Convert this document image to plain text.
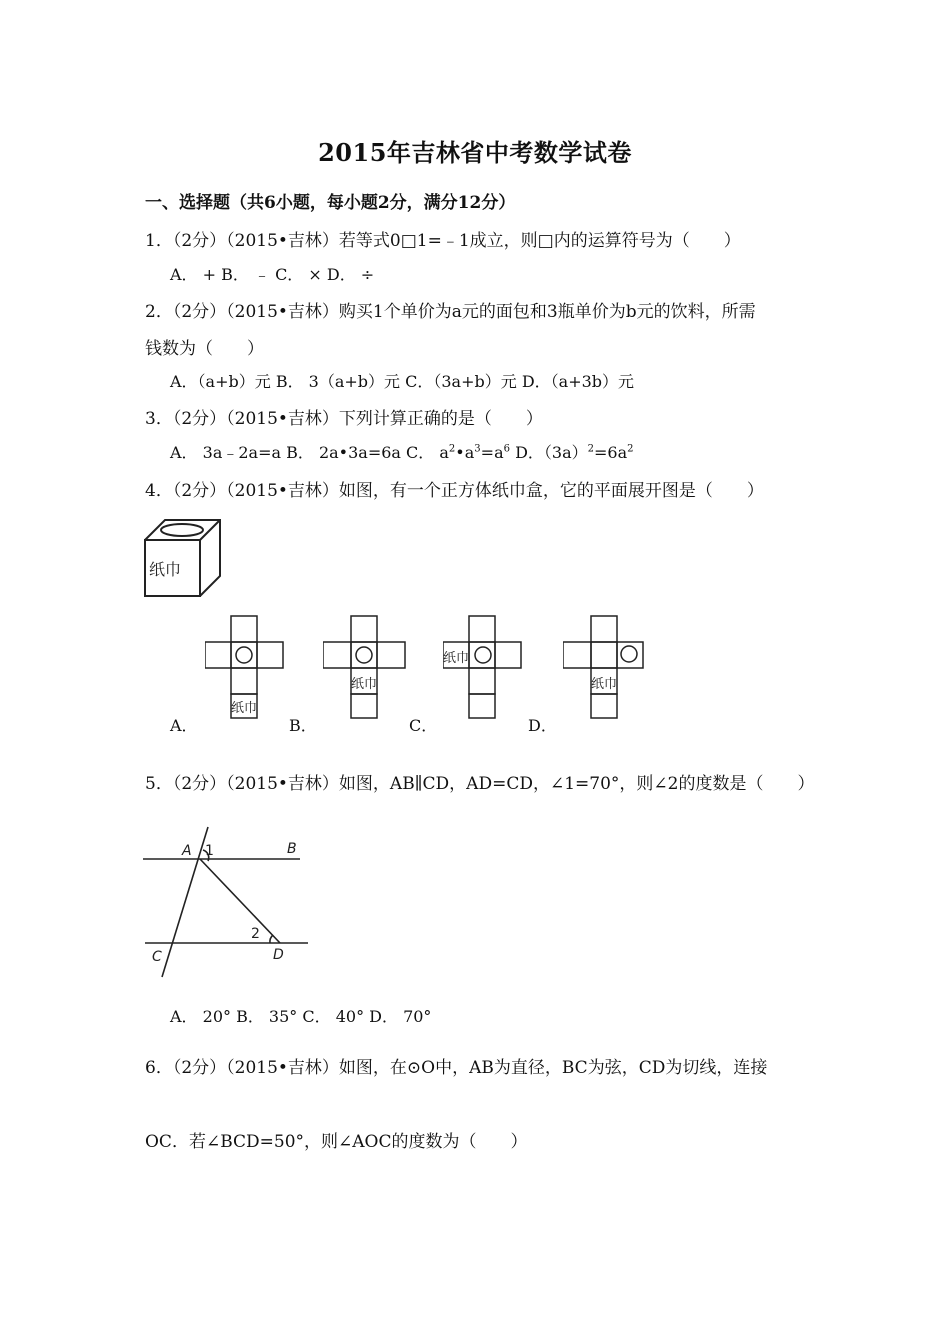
2015年吉林省中考数学试卷
一、选择题（共6小题，每小题2分，满分12分）
1．（2分）（2015•吉林）若等式0□1=﹣1成立，则□内的运算符号为（　　）
A． + B． ﹣ C． × D． ÷
2．（2分）（2015•吉林）购买1个单价为a元的面包和3瓶单价为b元的饮料，所需
钱数为（　　）
A．（a+b）元 B． 3（a+b）元 C．（3a+b）元 D．（a+3b）元
3．（2分）（2015•吉林）下列计算正确的是（　　）
A． 3a﹣2a=a B． 2a•3a=6a C． $a^2•a^3=a^6$ D．$(3a)^2=6a^2$
4．（2分）（2015•吉林）如图，有一个正方体纸巾盒，它的平面展开图是（　　）
纸巾
纸巾
纸巾
纸巾
纸巾
A．	B．	C．	D．
5．（2分）（2015•吉林）如图，AB∥CD，AD=CD，∠1=70°，则∠2的度数是（　　）
A	B
C	D
1
2
A． 20° B． 35° C． 40° D． 70°
6．（2分）（2015•吉林）如图，在⊙O中，AB为直径，BC为弦，CD为切线，连接
OC．若∠BCD=50°，则∠AOC的度数为（　　）
